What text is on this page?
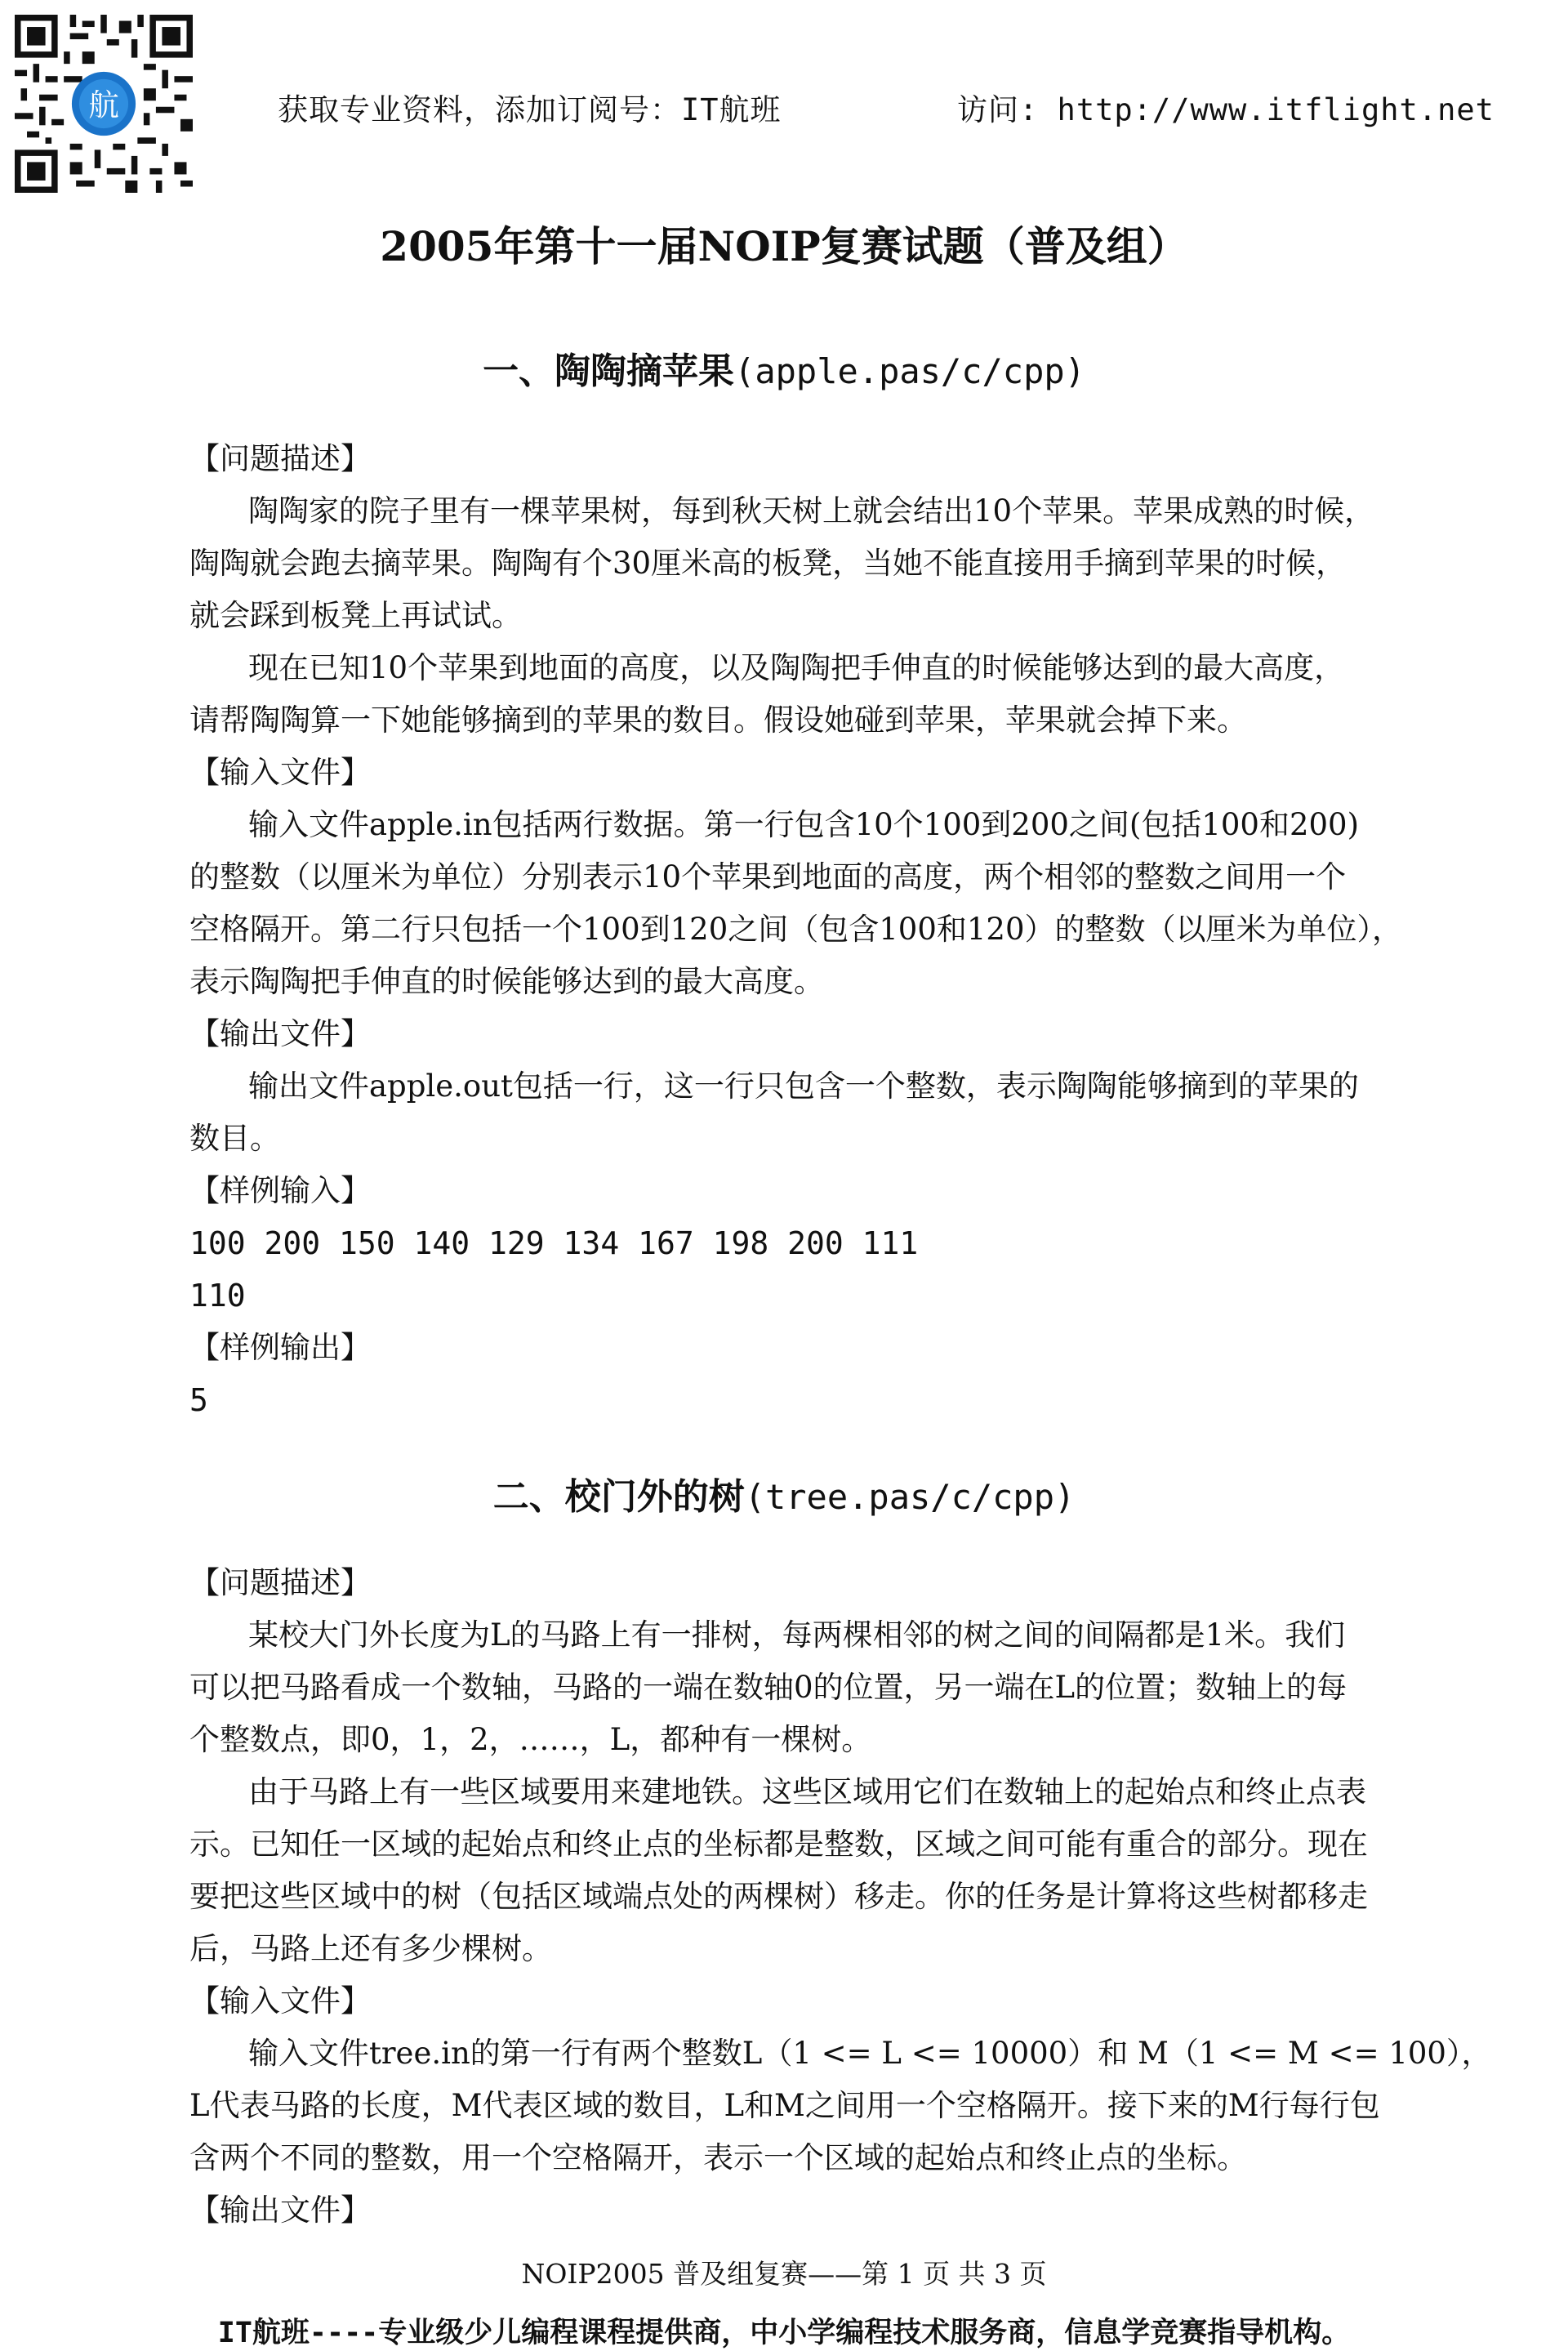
航	获取专业资料，添加订阅号：IT航班	访问: http://www.itflight.net
2005年第十一届NOIP复赛试题（普及组）
一、陶陶摘苹果(apple.pas/c/cpp)
【问题描述】
陶陶家的院子里有一棵苹果树，每到秋天树上就会结出10个苹果。苹果成熟的时候，
陶陶就会跑去摘苹果。陶陶有个30厘米高的板凳，当她不能直接用手摘到苹果的时候，
就会踩到板凳上再试试。
现在已知10个苹果到地面的高度，以及陶陶把手伸直的时候能够达到的最大高度，
请帮陶陶算一下她能够摘到的苹果的数目。假设她碰到苹果，苹果就会掉下来。
【输入文件】
输入文件apple.in包括两行数据。第一行包含10个100到200之间(包括100和200)
的整数（以厘米为单位）分别表示10个苹果到地面的高度，两个相邻的整数之间用一个
空格隔开。第二行只包括一个100到120之间（包含100和120）的整数（以厘米为单位），
表示陶陶把手伸直的时候能够达到的最大高度。
【输出文件】
输出文件apple.out包括一行，这一行只包含一个整数，表示陶陶能够摘到的苹果的
数目。
【样例输入】
100 200 150 140 129 134 167 198 200 111
110
【样例输出】
5
二、校门外的树(tree.pas/c/cpp)
【问题描述】
某校大门外长度为L的马路上有一排树，每两棵相邻的树之间的间隔都是1米。我们
可以把马路看成一个数轴，马路的一端在数轴0的位置，另一端在L的位置；数轴上的每
个整数点，即0，1，2，……，L，都种有一棵树。
由于马路上有一些区域要用来建地铁。这些区域用它们在数轴上的起始点和终止点表
示。已知任一区域的起始点和终止点的坐标都是整数，区域之间可能有重合的部分。现在
要把这些区域中的树（包括区域端点处的两棵树）移走。你的任务是计算将这些树都移走
后，马路上还有多少棵树。
【输入文件】
输入文件tree.in的第一行有两个整数L（1 <= L <= 10000）和 M（1 <= M <= 100），
L代表马路的长度，M代表区域的数目，L和M之间用一个空格隔开。接下来的M行每行包
含两个不同的整数，用一个空格隔开，表示一个区域的起始点和终止点的坐标。
【输出文件】
NOIP2005 普及组复赛——第 1 页 共 3 页
IT航班----专业级少儿编程课程提供商，中小学编程技术服务商，信息学竞赛指导机构。
